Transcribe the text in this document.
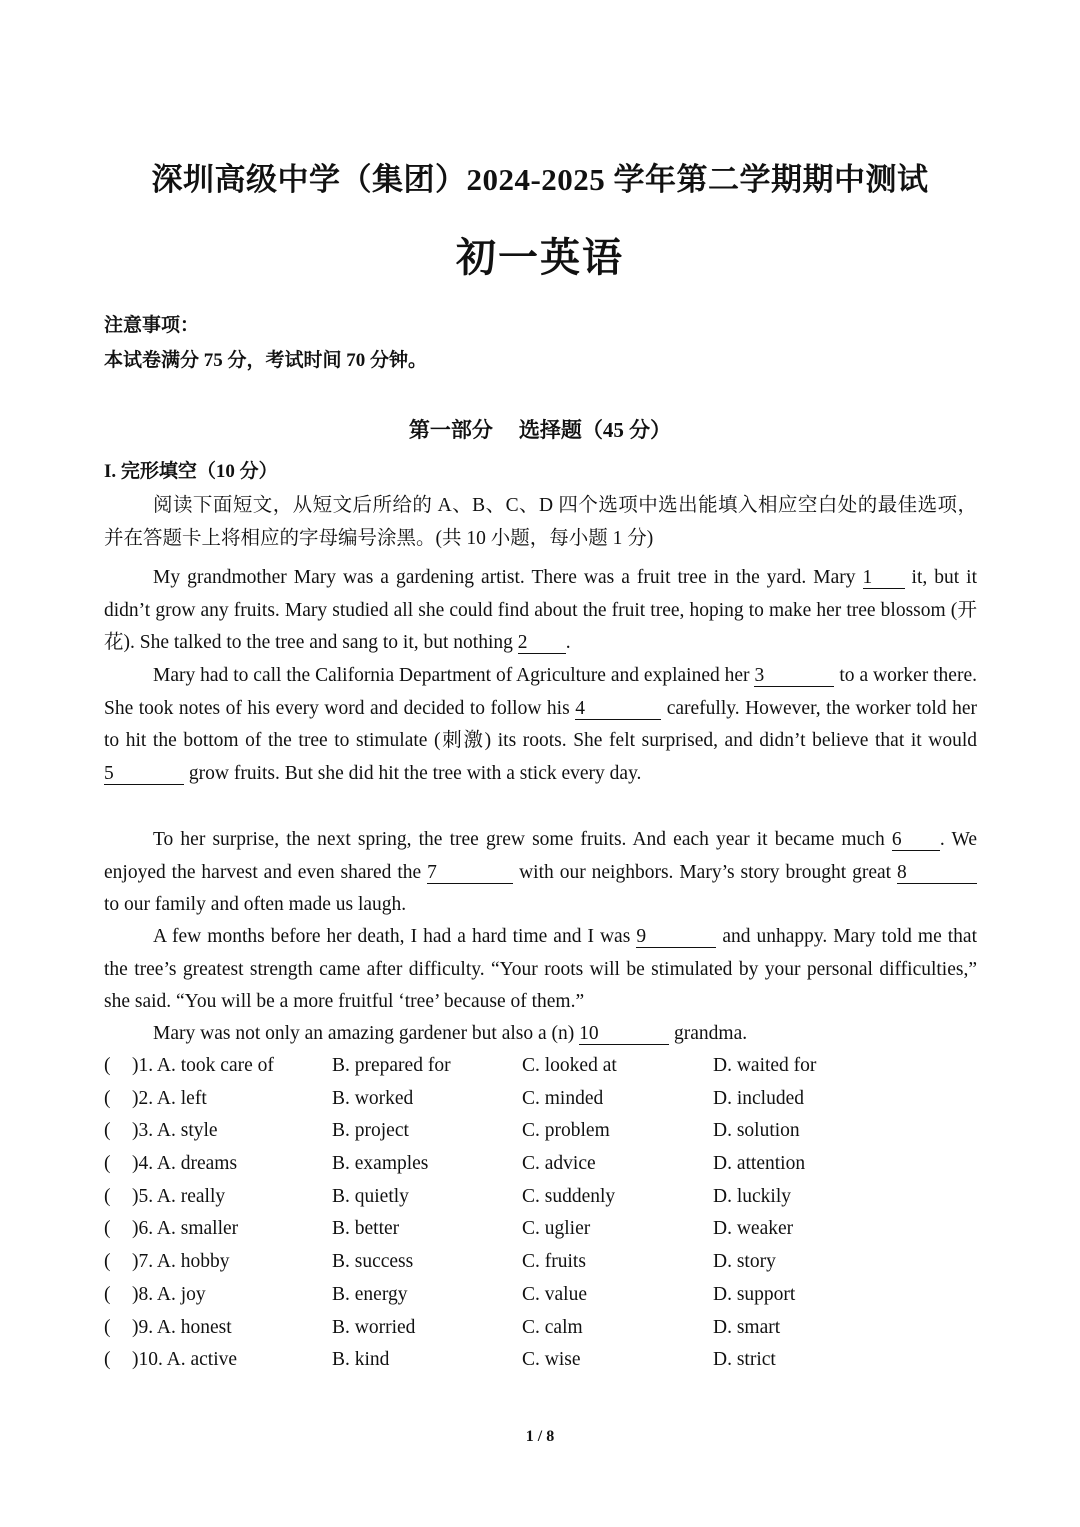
深圳高级中学（集团）2024-2025 学年第二学期期中测试
初一英语
注意事项：
本试卷满分 75 分，考试时间 70 分钟。
第一部分 选择题（45 分）
I. 完形填空（10 分）
阅读下面短文，从短文后所给的 A、B、C、D 四个选项中选出能填入相应空白处的最佳选项，并在答题卡上将相应的字母编号涂黑。(共 10 小题，每小题 1 分)
My grandmother Mary was a gardening artist. There was a fruit tree in the yard. Mary 1 it, but it didn’t grow any fruits. Mary studied all she could find about the fruit tree, hoping to make her tree blossom (开花). She talked to the tree and sang to it, but nothing 2 .
Mary had to call the California Department of Agriculture and explained her 3	to a worker there. She took notes of his every word and decided to follow his 4	carefully. However, the worker told her to hit the bottom of the tree to stimulate (刺激) its roots. She felt surprised, and didn’t believe that it would 5	grow fruits. But she did hit the tree with a stick every day.
To her surprise, the next spring, the tree grew some fruits. And each year it became much 6 . We enjoyed the harvest and even shared the 7	with our neighbors. Mary’s story brought great 8 to our family and often made us laugh.
A few months before her death, I had a hard time and I was 9	and unhappy. Mary told me that the tree’s greatest strength came after difficulty. “Your roots will be stimulated by your personal difficulties,” she said. “You will be a more fruitful ‘tree’ because of them.”
Mary was not only an amazing gardener but also a (n) 10	grandma.
( )1. A. took care of	B. prepared for	C. looked at	D. waited for
( )2. A. left	B. worked	C. minded	D. included
( )3. A. style	B. project	C. problem	D. solution
( )4. A. dreams	B. examples	C. advice	D. attention
( )5. A. really	B. quietly	C. suddenly	D. luckily
( )6. A. smaller	B. better	C. uglier	D. weaker
( )7. A. hobby	B. success	C. fruits	D. story
( )8. A. joy	B. energy	C. value	D. support
( )9. A. honest	B. worried	C. calm	D. smart
( )10. A. active	B. kind	C. wise	D. strict
1 / 8
